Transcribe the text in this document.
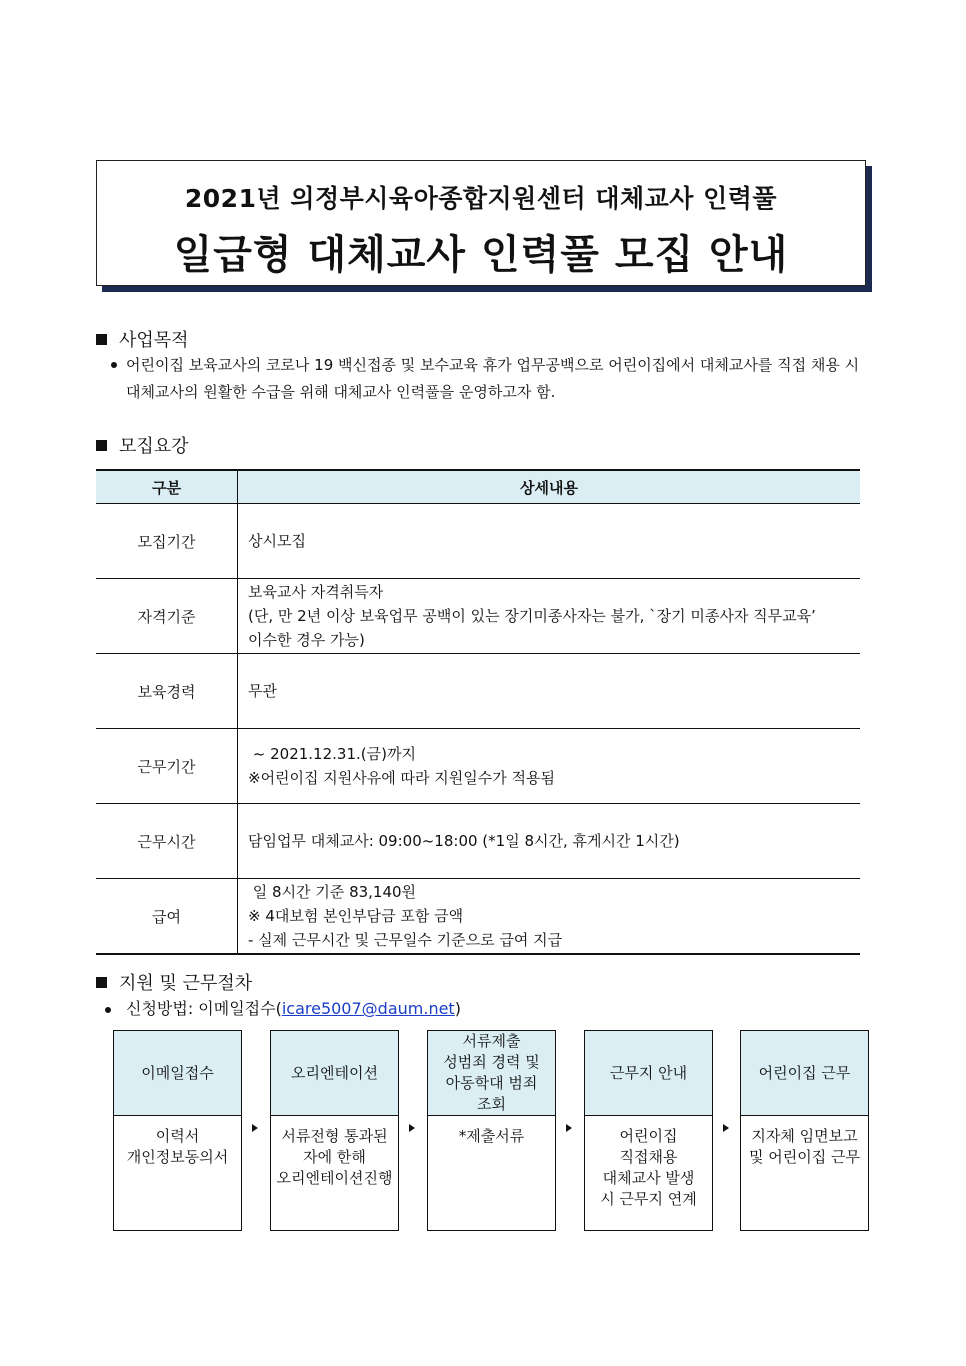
2021년 의정부시육아종합지원센터 대체교사 인력풀
일급형 대체교사 인력풀 모집 안내
사업목적
어린이집 보육교사의 코로나 19 백신접종 및 보수교육 휴가 업무공백으로 어린이집에서 대체교사를 직접 채용 시
대체교사의 원활한 수급을 위해 대체교사 인력풀을 운영하고자 함.
모집요강
구분	상세내용
모집기간	상시모집

자격기준	보육교사 자격취득자
(단, 만 2년 이상 보육업무 공백이 있는 장기미종사자는 불가, `장기 미종사자 직무교육’
이수한 경우 가능)

보육경력	무관

근무기간	~ 2021.12.31.(금)까지
※어린이집 지원사유에 따라 지원일수가 적용됨

근무시간	담임업무 대체교사: 09:00~18:00 (*1일 8시간, 휴게시간 1시간)

급여	일 8시간 기준 83,140원
※ 4대보험 본인부담금 포함 금액
- 실제 근무시간 및 근무일수 기준으로 급여 지급
지원 및 근무절차
신청방법: 이메일접수(icare5007@daum.net)
이메일접수
이력서
개인정보동의서
오리엔테이션
서류전형 통과된
자에 한해
오리엔테이션진행
서류제출
성범죄 경력 및
아동학대 범죄
조회
*제출서류
근무지 안내
어린이집
직접채용
대체교사 발생
시 근무지 연계
어린이집 근무
지자체 임면보고
및 어린이집 근무
